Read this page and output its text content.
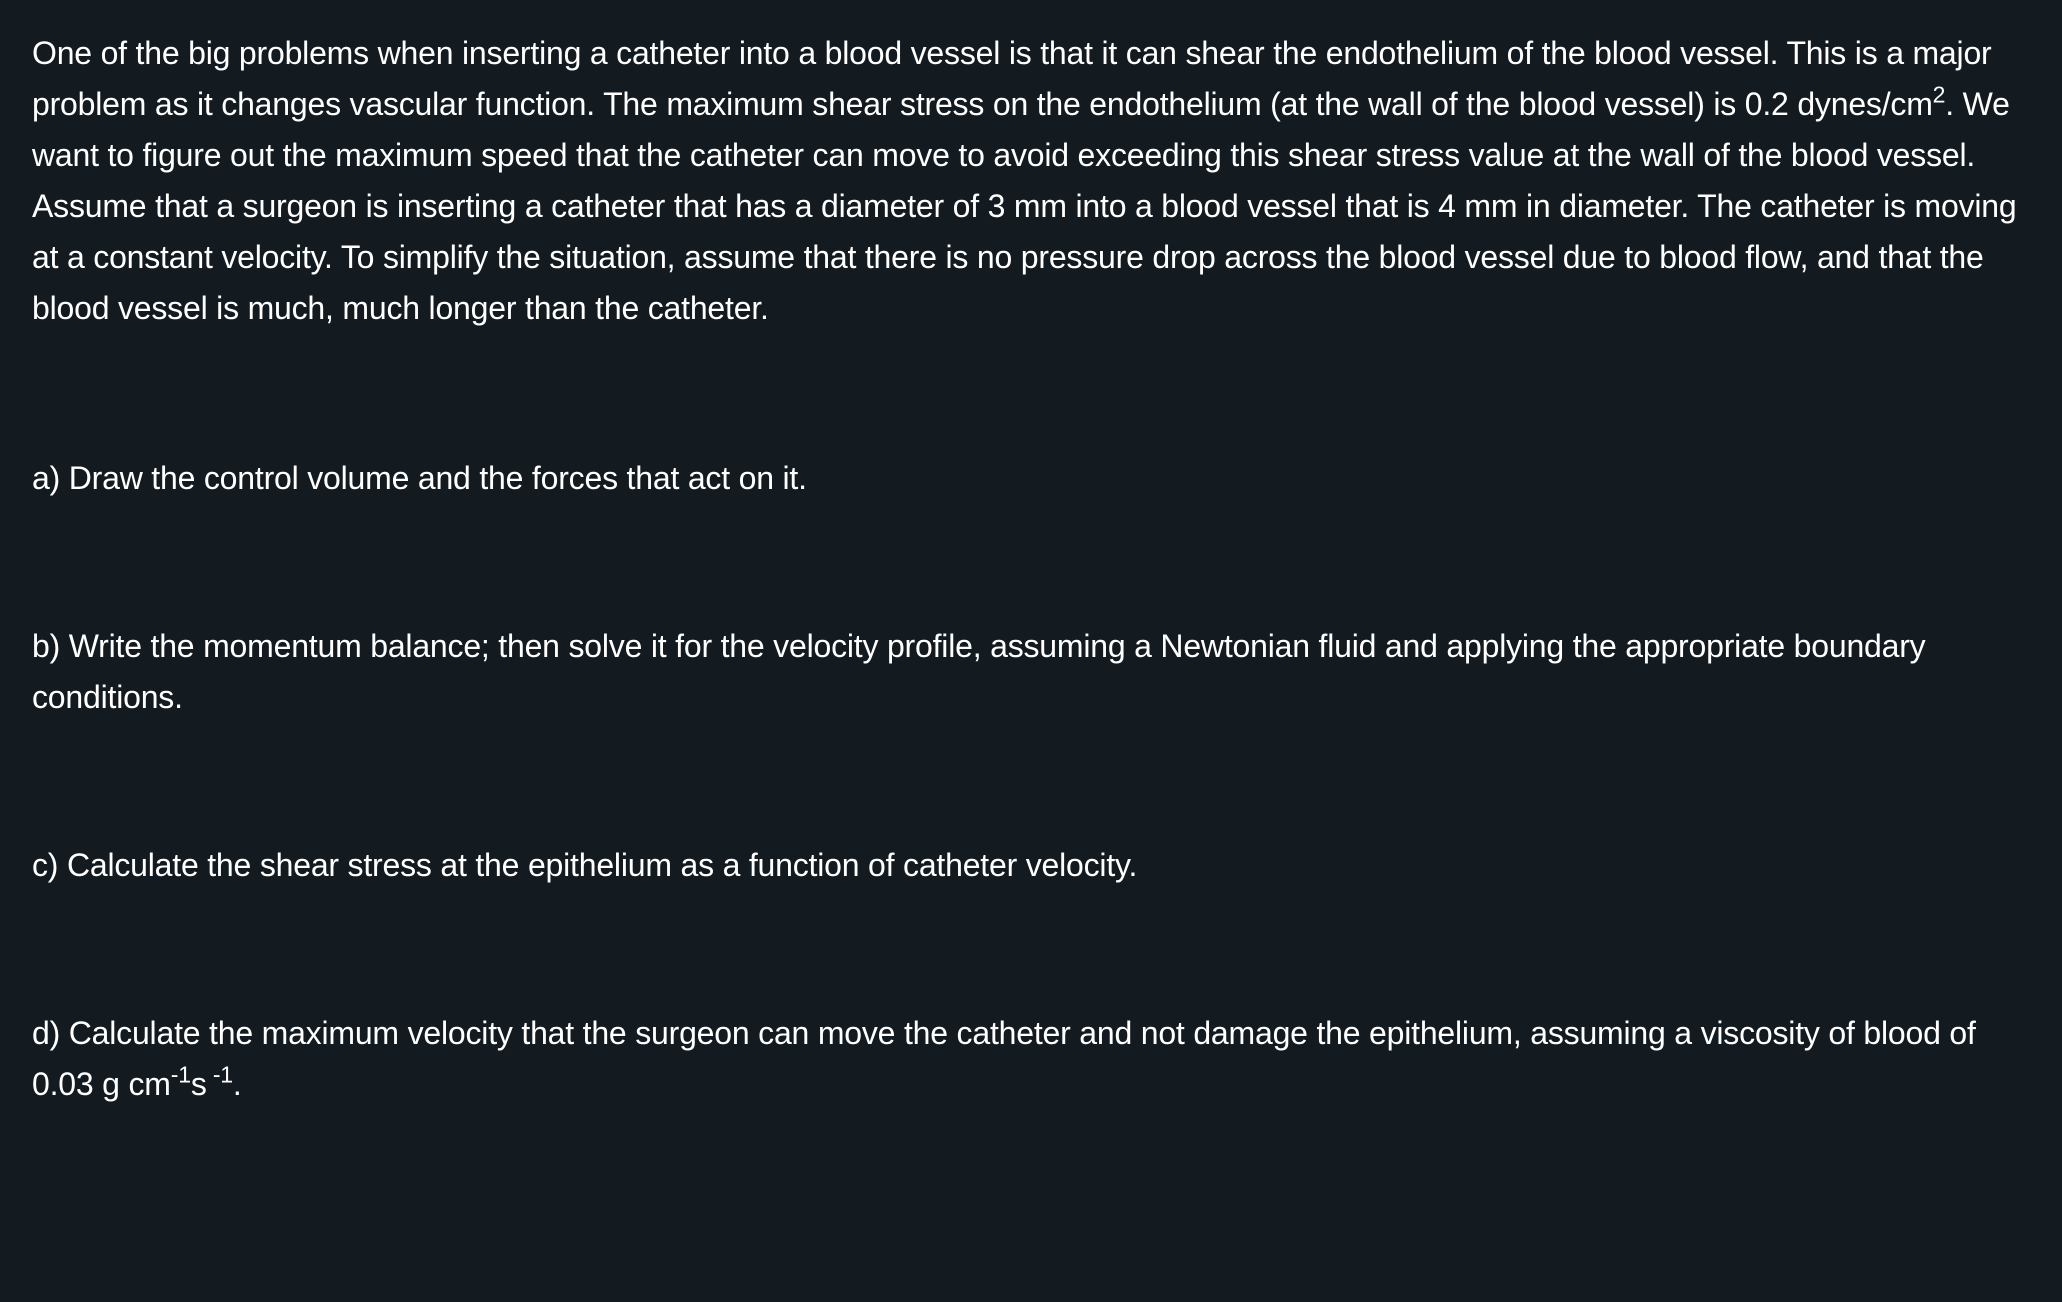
One of the big problems when inserting a catheter into a blood vessel is that it can shear the endothelium of the blood vessel. This is a major problem as it changes vascular function. The maximum shear stress on the endothelium (at the wall of the blood vessel) is 0.2 dynes/$cm^2$. We want to figure out the maximum speed that the catheter can move to avoid exceeding this shear stress value at the wall of the blood vessel. Assume that a surgeon is inserting a catheter that has a diameter of 3 mm into a blood vessel that is 4 mm in diameter. The catheter is moving at a constant velocity. To simplify the situation, assume that there is no pressure drop across the blood vessel due to blood flow, and that the blood vessel is much, much longer than the catheter.

a) Draw the control volume and the forces that act on it.

b) Write the momentum balance; then solve it for the velocity profile, assuming a Newtonian fluid and applying the appropriate boundary conditions.

c) Calculate the shear stress at the epithelium as a function of catheter velocity.

d) Calculate the maximum velocity that the surgeon can move the catheter and not damage the epithelium, assuming a viscosity of blood of 0.03 g $cm^{-1}s$ $^{-1}$.
